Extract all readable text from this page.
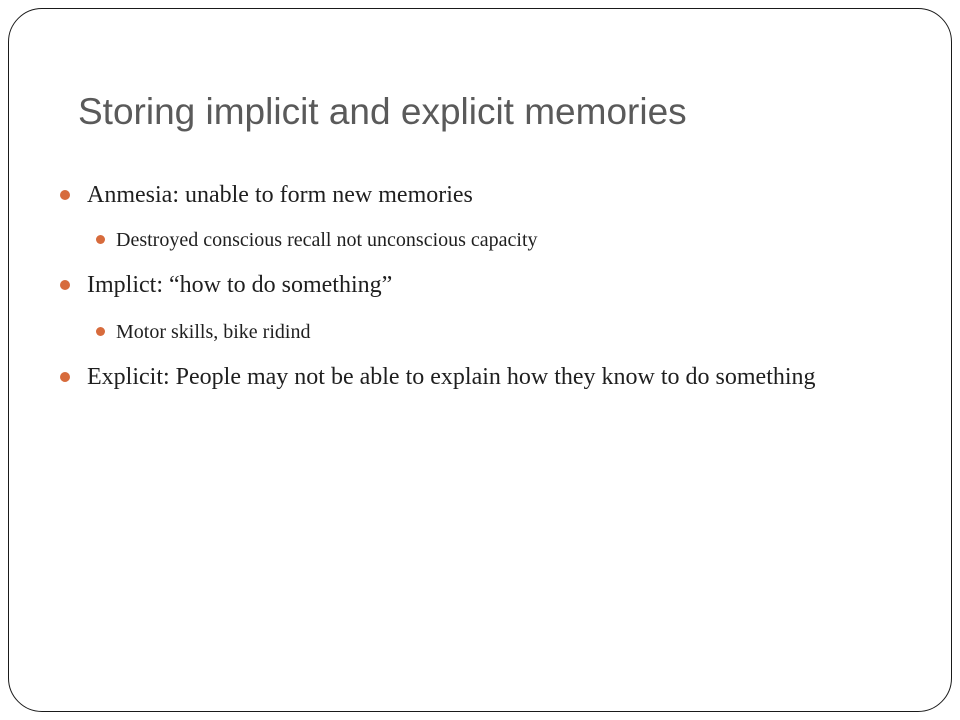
Storing implicit and explicit memories
Anmesia: unable to form new memories
Destroyed conscious recall not unconscious capacity
Implict: “how to do something”
Motor skills, bike ridind
Explicit: People may not be able to explain how they know to do something
